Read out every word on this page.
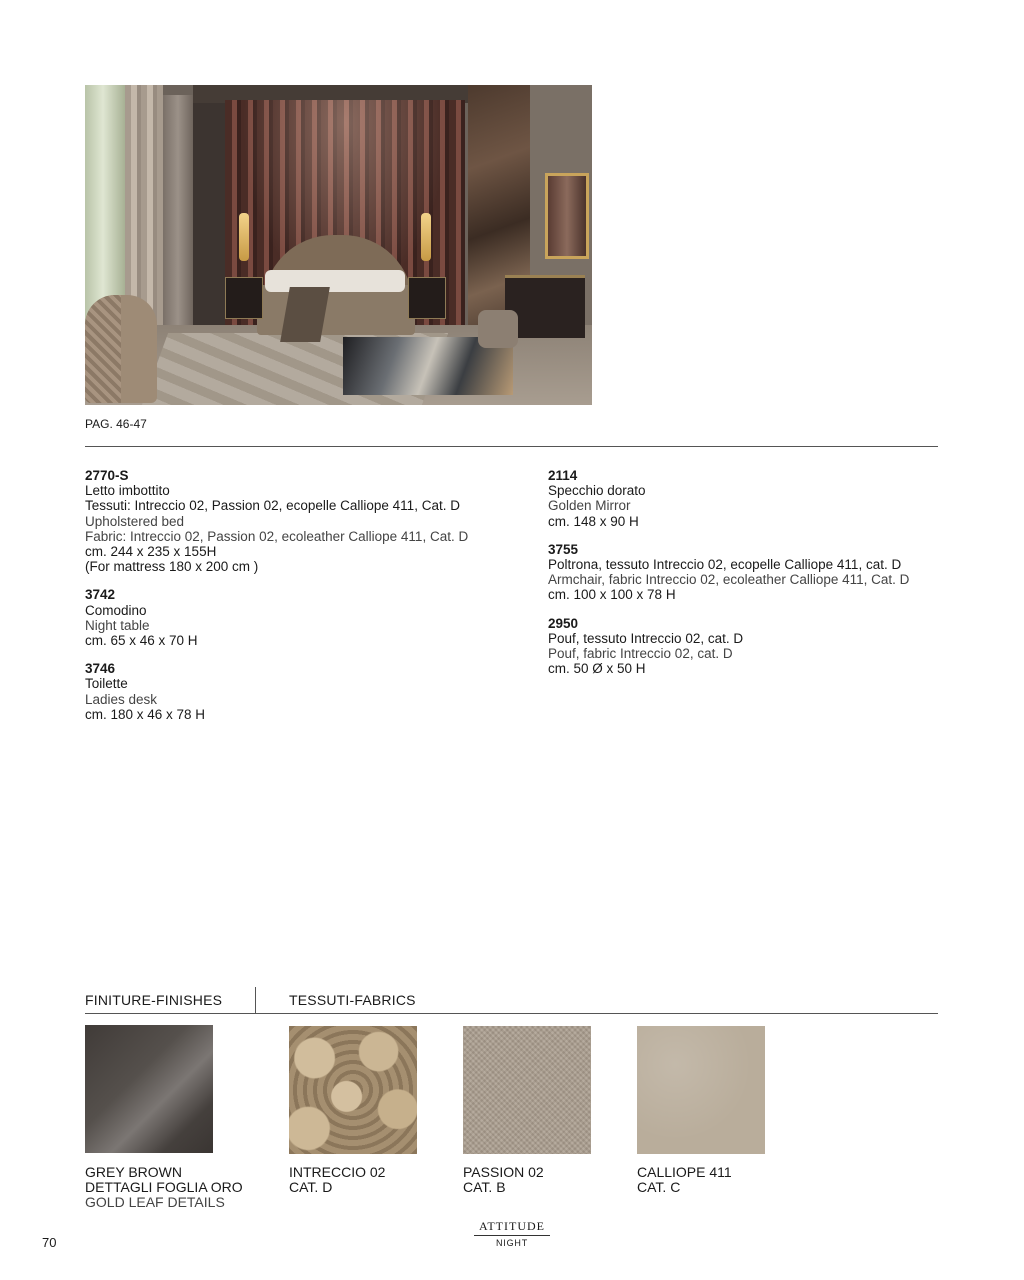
PAG. 46-47
2770-S
Letto imbottito
Tessuti: Intreccio 02, Passion 02, ecopelle Calliope 411, Cat. D
Upholstered bed
Fabric: Intreccio 02, Passion 02, ecoleather Calliope 411, Cat. D
cm. 244 x 235 x 155H
(For mattress 180 x 200 cm )
3742
Comodino
Night table
cm. 65 x 46 x 70 H
3746
Toilette
Ladies desk
cm. 180 x 46 x 78 H
2114
Specchio dorato
Golden Mirror
cm. 148 x 90 H
3755
Poltrona, tessuto Intreccio 02, ecopelle Calliope 411, cat. D
Armchair, fabric Intreccio 02, ecoleather Calliope 411, Cat. D
cm. 100 x 100 x 78 H
2950
Pouf, tessuto Intreccio 02, cat. D
Pouf, fabric Intreccio 02, cat. D
cm. 50 Ø x 50 H
FINITURE-FINISHES	TESSUTI-FABRICS
GREY BROWN
DETTAGLI FOGLIA ORO
GOLD LEAF DETAILS
INTRECCIO 02
CAT. D
PASSION 02
CAT. B
CALLIOPE 411
CAT. C
ATTITUDE
NIGHT
70
